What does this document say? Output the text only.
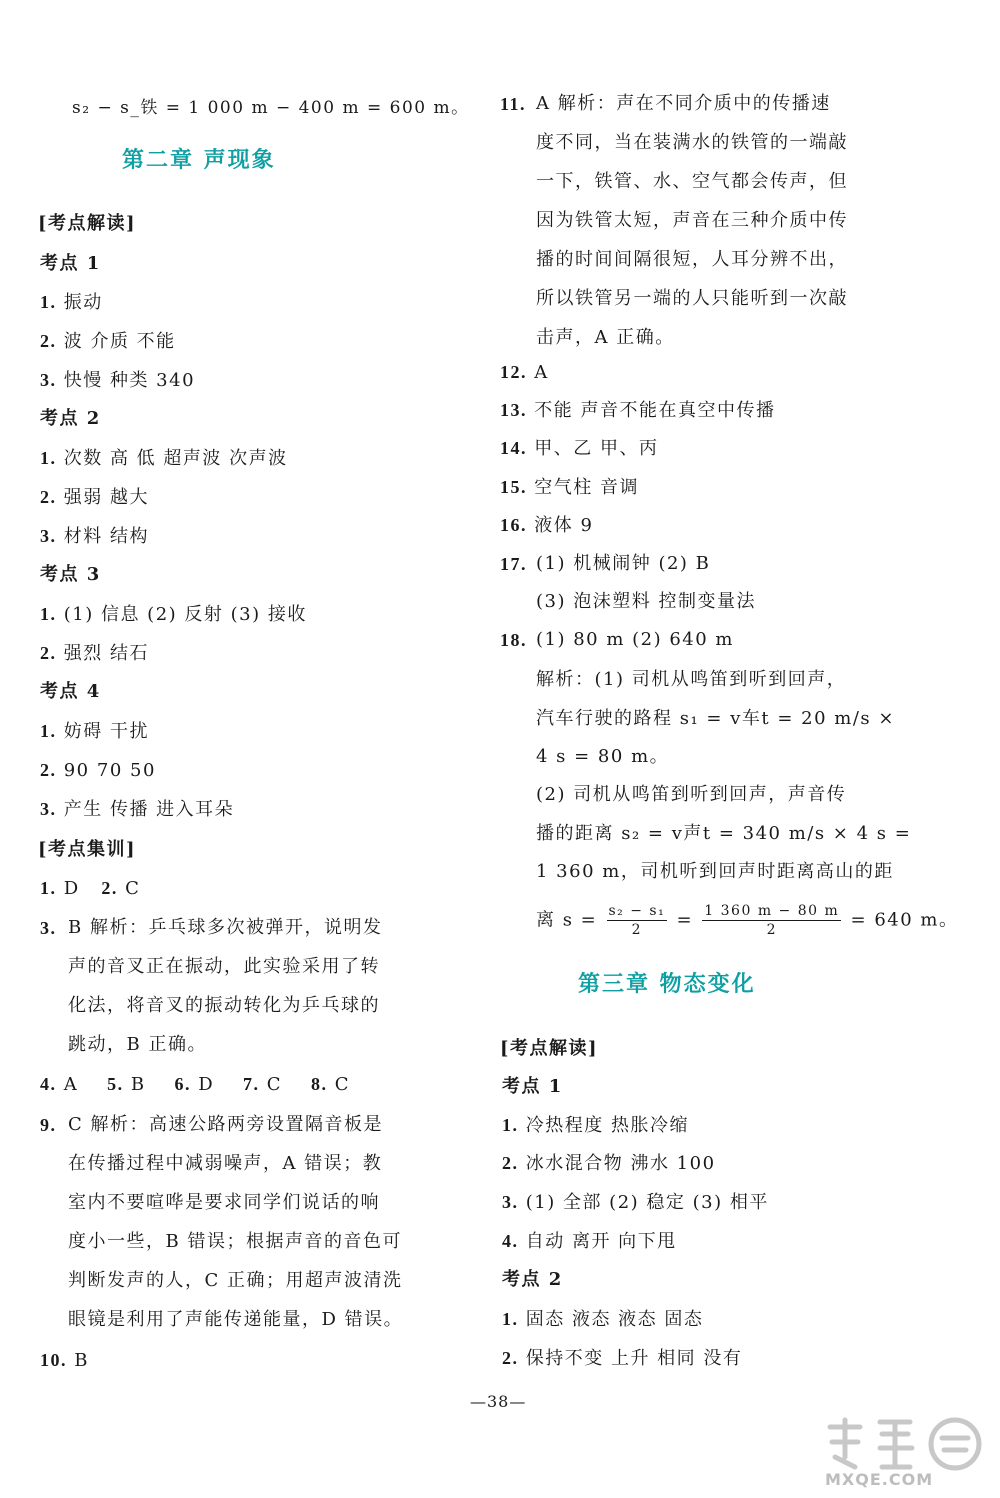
s₂ − s_铁 = 1 000 m − 400 m = 600 m。
第二章 声现象
[考点解读]
考点 1
1. 振动
2. 波 介质 不能
3. 快慢 种类 340
考点 2
1. 次数 高 低 超声波 次声波
2. 强弱 越大
3. 材料 结构
考点 3
1. (1) 信息 (2) 反射 (3) 接收
2. 强烈 结石
考点 4
1. 妨碍 干扰
2. 90 70 50
3. 产生 传播 进入耳朵
[考点集训]
1. D 2. C
3. B 解析：乒乓球多次被弹开，说明发
声的音叉正在振动，此实验采用了转
化法，将音叉的振动转化为乒乓球的
跳动，B 正确。
4. A 5. B 6. D 7. C 8. C
9. C 解析：高速公路两旁设置隔音板是
在传播过程中减弱噪声，A 错误；教
室内不要喧哗是要求同学们说话的响
度小一些，B 错误；根据声音的音色可
判断发声的人，C 正确；用超声波清洗
眼镜是利用了声能传递能量，D 错误。
10. B
11. A 解析：声在不同介质中的传播速
度不同，当在装满水的铁管的一端敲
一下，铁管、水、空气都会传声，但
因为铁管太短，声音在三种介质中传
播的时间间隔很短，人耳分辨不出，
所以铁管另一端的人只能听到一次敲
击声，A 正确。
12. A
13. 不能 声音不能在真空中传播
14. 甲、乙 甲、丙
15. 空气柱 音调
16. 液体 9
17. (1) 机械闹钟 (2) B
(3) 泡沫塑料 控制变量法
18. (1) 80 m (2) 640 m
解析：(1) 司机从鸣笛到听到回声，
汽车行驶的路程 s₁ = v车t = 20 m/s ×
4 s = 80 m。
(2) 司机从鸣笛到听到回声，声音传
播的距离 s₂ = v声t = 340 m/s × 4 s =
1 360 m，司机听到回声时距离高山的距
离 $s = \frac{\text{s₂ − s₁}}{2} = \frac{1 360 m - 80 m}{2} = 640$ m。
第三章 物态变化
[考点解读]
考点 1
1. 冷热程度 热胀冷缩
2. 冰水混合物 沸水 100
3. (1) 全部 (2) 稳定 (3) 相平
4. 自动 离开 向下甩
考点 2
1. 固态 液态 液态 固态
2. 保持不变 上升 相同 没有
—38—
MXQE.COM
